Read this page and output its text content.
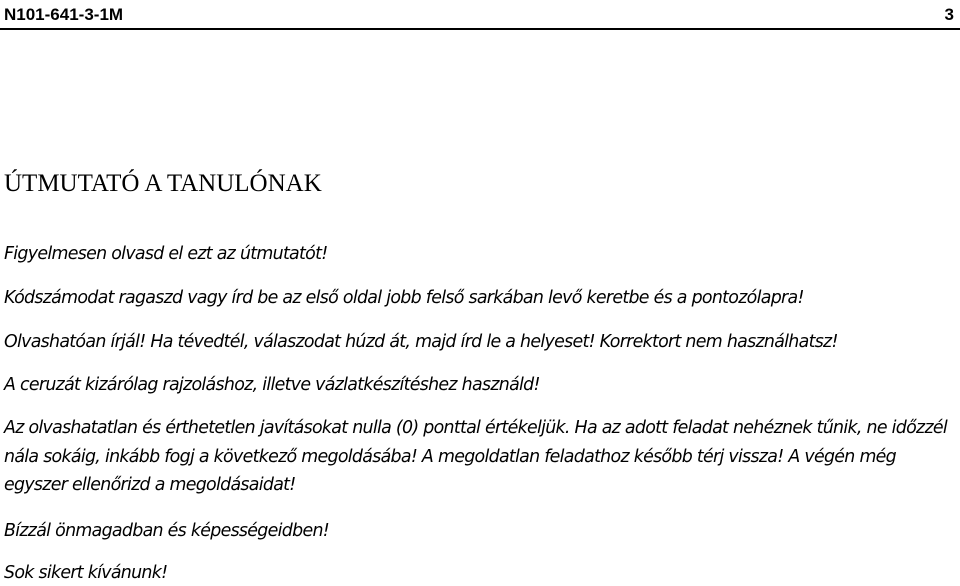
N101-641-3-1M	3
ÚTMUTATÓ A TANULÓNAK
Figyelmesen olvasd el ezt az útmutatót!
Kódszámodat ragaszd vagy írd be az első oldal jobb felső sarkában levő keretbe és a pontozólapra!
Olvashatóan írjál! Ha tévedtél, válaszodat húzd át, majd írd le a helyeset! Korrektort nem használhatsz!
A ceruzát kizárólag rajzoláshoz, illetve vázlatkészítéshez használd!
Az olvashatatlan és érthetetlen javításokat nulla (0) ponttal értékeljük. Ha az adott feladat nehéznek tűnik, ne időzzél nála sokáig, inkább fogj a következő megoldásába! A megoldatlan feladathoz később térj vissza! A végén még egyszer ellenőrizd a megoldásaidat!
Bízzál önmagadban és képességeidben!
Sok sikert kívánunk!
